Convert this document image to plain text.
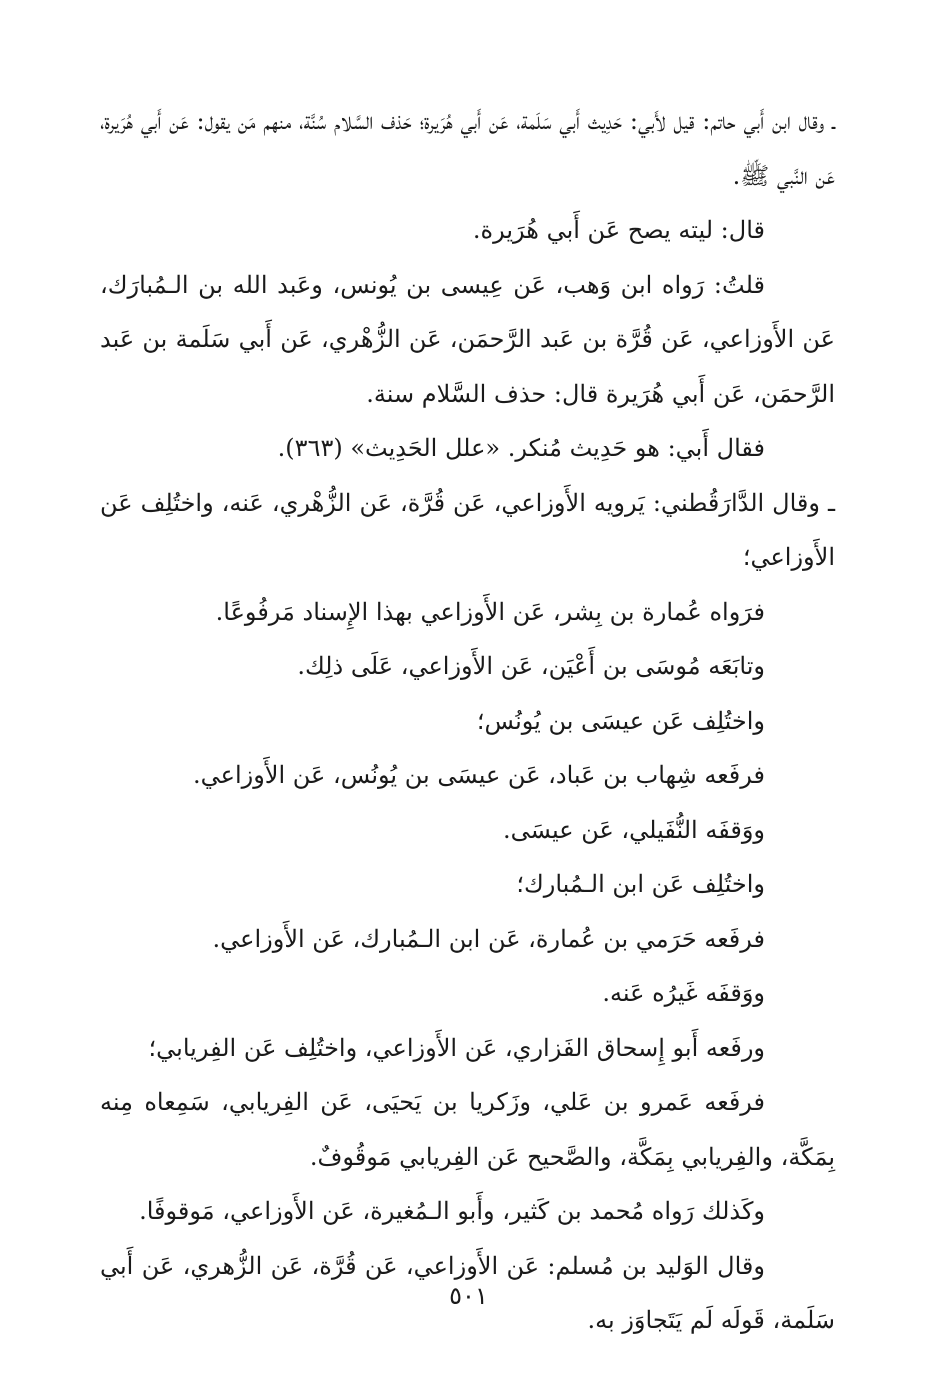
ـ وقال ابن أَبي حاتم: قيل لأَبي: حَدِيث أَبي سَلَمة، عَن أَبي هُرَيرة؛ حَذف السَّلام سُنَّة، منهم مَن يقول: عَن أَبي هُرَيرة، عَن النَّبي ﷺ.

قال: ليته يصح عَن أَبي هُرَيرة.

قلتُ: رَواه ابن وَهب، عَن عِيسى بن يُونس، وعَبد الله بن الـمُبارَك، عَن الأَوزاعي، عَن قُرَّة بن عَبد الرَّحمَن، عَن الزُّهْري، عَن أَبي سَلَمة بن عَبد الرَّحمَن، عَن أَبي هُرَيرة قال: حذف السَّلام سنة.

فقال أَبي: هو حَدِيث مُنكر. «علل الحَدِيث» (٣٦٣).

ـ وقال الدَّارَقُطني: يَرويه الأَوزاعي، عَن قُرَّة، عَن الزُّهْري، عَنه، واختُلِف عَن الأَوزاعي؛

فرَواه عُمارة بن بِشر، عَن الأَوزاعي بهذا الإِسناد مَرفُوعًا.

وتابَعَه مُوسَى بن أَعْيَن، عَن الأَوزاعي، عَلَى ذلِك.

واختُلِف عَن عيسَى بن يُونُس؛

فرفَعه شِهاب بن عَباد، عَن عيسَى بن يُونُس، عَن الأَوزاعي.

ووَقفَه النُّفَيلي، عَن عيسَى.

واختُلِف عَن ابن الـمُبارك؛

فرفَعه حَرَمي بن عُمارة، عَن ابن الـمُبارك، عَن الأَوزاعي.

ووَقفَه غَيرُه عَنه.

ورفَعه أَبو إِسحاق الفَزاري، عَن الأَوزاعي، واختُلِف عَن الفِريابي؛

فرفَعه عَمرو بن عَلي، وزَكريا بن يَحيَى، عَن الفِريابي، سَمِعاه مِنه بِمَكَّة، والفِريابي بِمَكَّة، والصَّحيح عَن الفِريابي مَوقُوفٌ.

وكَذلك رَواه مُحمد بن كَثير، وأَبو الـمُغيرة، عَن الأَوزاعي، مَوقوفًا.

وقال الوَليد بن مُسلم: عَن الأَوزاعي، عَن قُرَّة، عَن الزُّهري، عَن أَبي سَلَمة، قَولَه لَم يَتَجاوَز به.

٥٠١
